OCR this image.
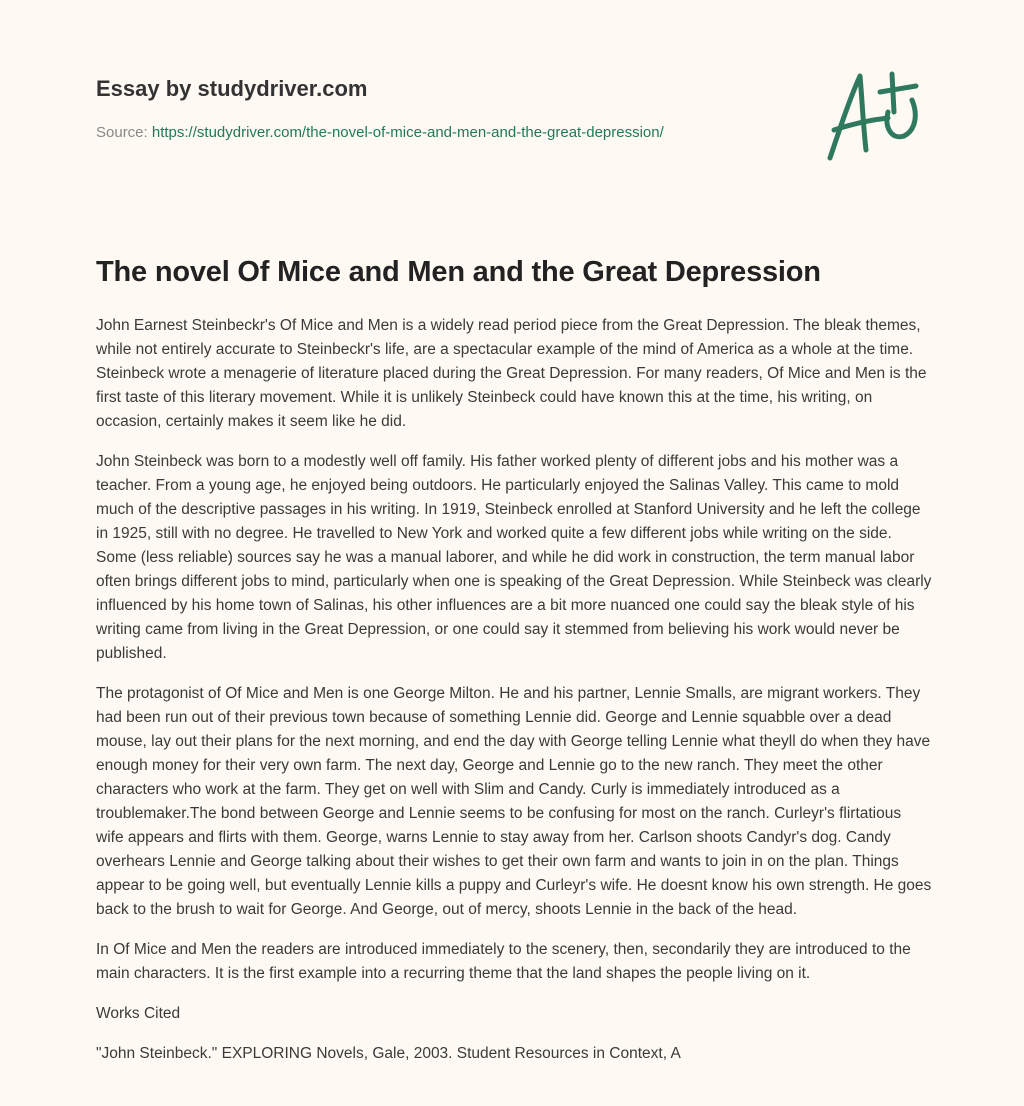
Essay by studydriver.com
Source: https://studydriver.com/the-novel-of-mice-and-men-and-the-great-depression/
The novel Of Mice and Men and the Great Depression

John Earnest Steinbeckr's Of Mice and Men is a widely read period piece from the Great Depression. The bleak themes, while not entirely accurate to Steinbeckr's life, are a spectacular example of the mind of America as a whole at the time. Steinbeck wrote a menagerie of literature placed during the Great Depression. For many readers, Of Mice and Men is the first taste of this literary movement. While it is unlikely Steinbeck could have known this at the time, his writing, on occasion, certainly makes it seem like he did.

John Steinbeck was born to a modestly well off family. His father worked plenty of different jobs and his mother was a teacher. From a young age, he enjoyed being outdoors. He particularly enjoyed the Salinas Valley. This came to mold much of the descriptive passages in his writing. In 1919, Steinbeck enrolled at Stanford University and he left the college in 1925, still with no degree. He travelled to New York and worked quite a few different jobs while writing on the side. Some (less reliable) sources say he was a manual laborer, and while he did work in construction, the term manual labor often brings different jobs to mind, particularly when one is speaking of the Great Depression. While Steinbeck was clearly influenced by his home town of Salinas, his other influences are a bit more nuanced one could say the bleak style of his writing came from living in the Great Depression, or one could say it stemmed from believing his work would never be published.

The protagonist of Of Mice and Men is one George Milton. He and his partner, Lennie Smalls, are migrant workers. They had been run out of their previous town because of something Lennie did. George and Lennie squabble over a dead mouse, lay out their plans for the next morning, and end the day with George telling Lennie what theyll do when they have enough money for their very own farm. The next day, George and Lennie go to the new ranch. They meet the other characters who work at the farm. They get on well with Slim and Candy. Curly is immediately introduced as a troublemaker.The bond between George and Lennie seems to be confusing for most on the ranch. Curleyr's flirtatious wife appears and flirts with them. George, warns Lennie to stay away from her. Carlson shoots Candyr's dog. Candy overhears Lennie and George talking about their wishes to get their own farm and wants to join in on the plan. Things appear to be going well, but eventually Lennie kills a puppy and Curleyr's wife. He doesnt know his own strength. He goes back to the brush to wait for George. And George, out of mercy, shoots Lennie in the back of the head.

In Of Mice and Men the readers are introduced immediately to the scenery, then, secondarily they are introduced to the main characters. It is the first example into a recurring theme that the land shapes the people living on it.

Works Cited

"John Steinbeck." EXPLORING Novels, Gale, 2003. Student Resources in Context, A
